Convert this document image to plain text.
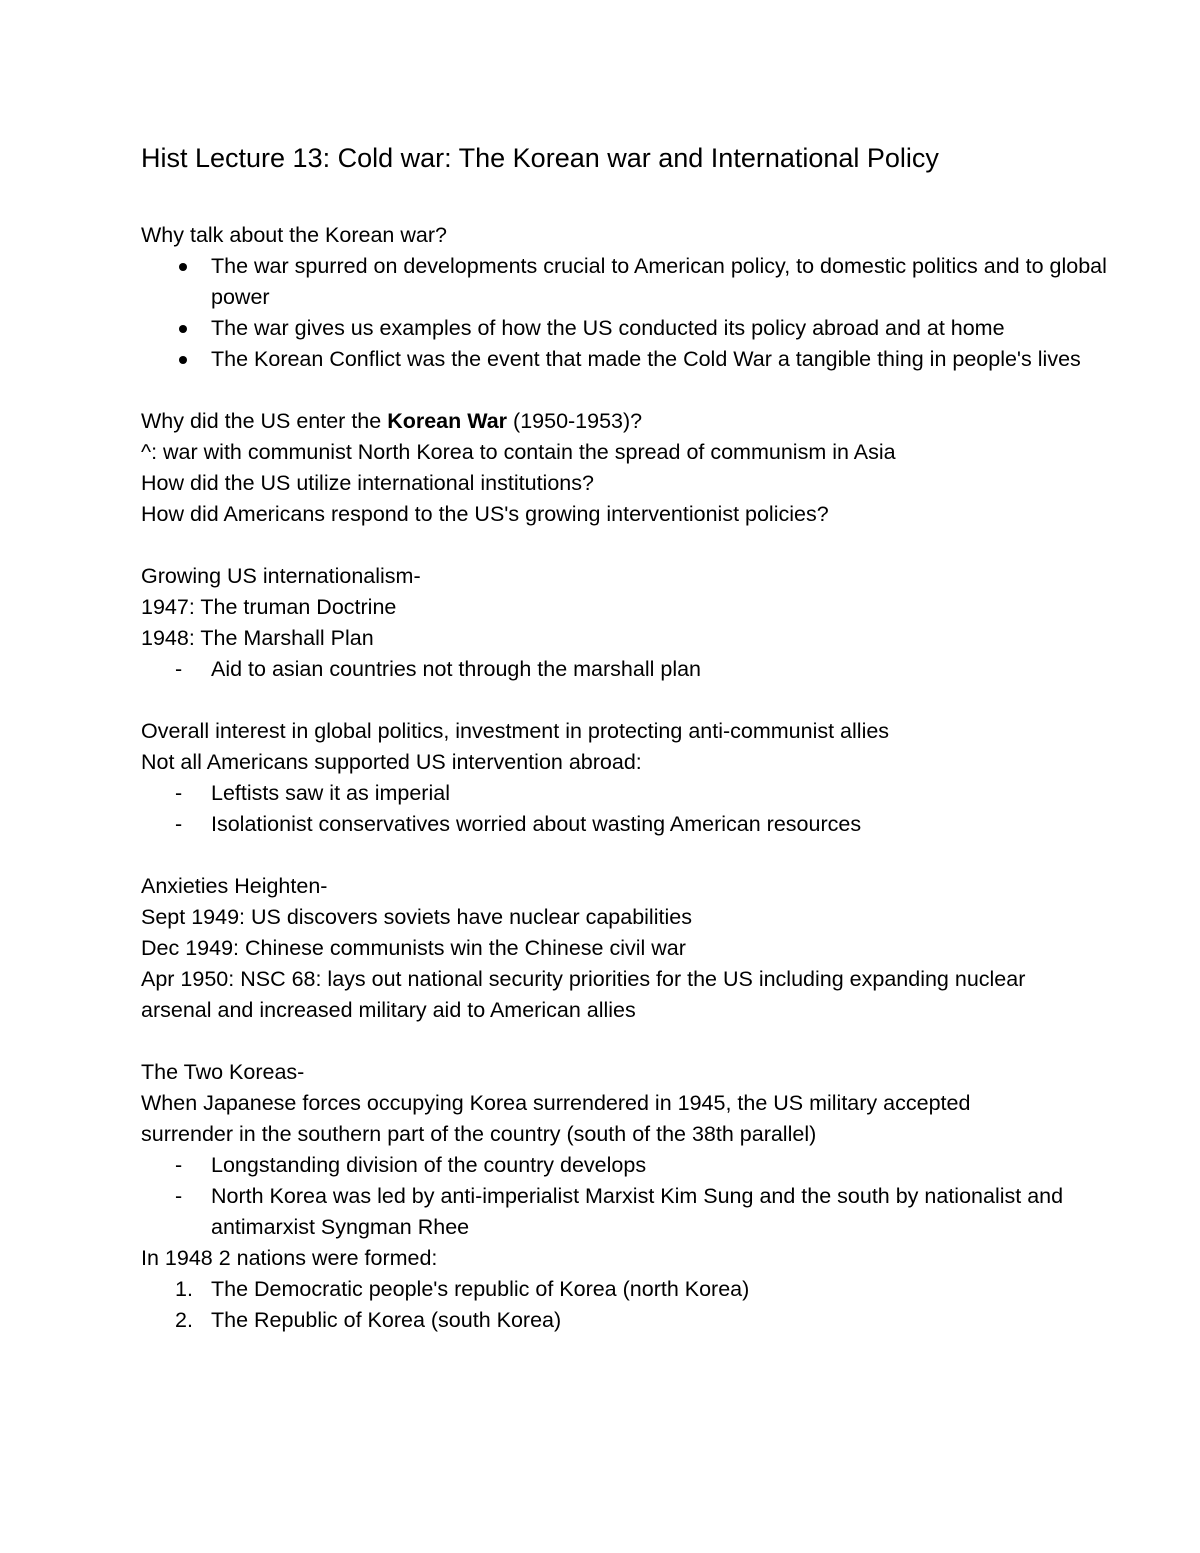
Hist Lecture 13: Cold war: The Korean war and International Policy

Why talk about the Korean war?

The war spurred on developments crucial to American policy, to domestic politics and to global power
The war gives us examples of how the US conducted its policy abroad and at home
The Korean Conflict was the event that made the Cold War a tangible thing in people's lives

Why did the US enter the Korean War (1950-1953)?

^: war with communist North Korea to contain the spread of communism in Asia

How did the US utilize international institutions?

How did Americans respond to the US's growing interventionist policies?

Growing US internationalism-

1947: The truman Doctrine

1948: The Marshall Plan

- Aid to asian countries not through the marshall plan

Overall interest in global politics, investment in protecting anti-communist allies

Not all Americans supported US intervention abroad:

- Leftists saw it as imperial
- Isolationist conservatives worried about wasting American resources

Anxieties Heighten-

Sept 1949: US discovers soviets have nuclear capabilities

Dec 1949: Chinese communists win the Chinese civil war

Apr 1950: NSC 68: lays out national security priorities for the US including expanding nuclear arsenal and increased military aid to American allies

The Two Koreas-

When Japanese forces occupying Korea surrendered in 1945, the US military accepted surrender in the southern part of the country (south of the 38th parallel)

- Longstanding division of the country develops
- North Korea was led by anti-imperialist Marxist Kim Sung and the south by nationalist and antimarxist Syngman Rhee

In 1948 2 nations were formed:

1. The Democratic people's republic of Korea (north Korea)
2. The Republic of Korea (south Korea)
